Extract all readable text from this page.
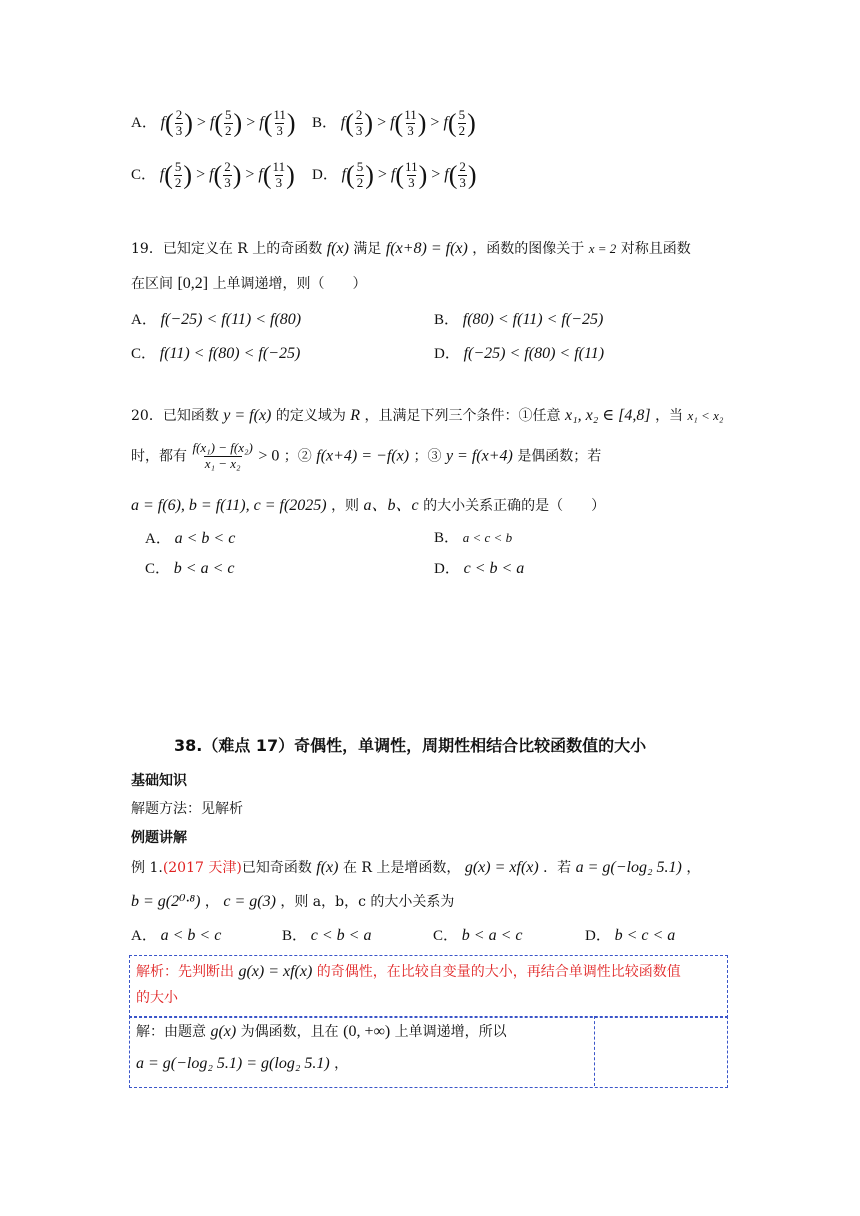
A． $f( \frac{2}{3}$ ) > $f( \frac{5}{2}$ ) > $f( \frac{11}{3}$ ) B． $f( \frac{2}{3}$ ) > $f( \frac{11}{3}$ ) > $f( \frac{5}{2}$ )
C． $f( \frac{5}{2}$ ) > $f( \frac{2}{3}$ ) > $f( \frac{11}{3}$ ) D． $f( \frac{5}{2}$ ) > $f( \frac{11}{3}$ ) > $f( \frac{2}{3}$ )
19．已知定义在 R 上的奇函数 f(x) 满足 f(x+8) = f(x) ，函数的图像关于 x = 2 对称且函数
在区间 [0,2] 上单调递增，则（　　）
A． f(−25) < f(11) < f(80)	B． f(80) < f(11) < f(−25)
C． f(11) < f(80) < f(−25)	D． f(−25) < f(80) < f(11)
20．已知函数 y = f(x) 的定义域为 R ，且满足下列三个条件：①任意 x₁, x₂ ∈ [4,8] ，当 x₁ < x₂
时，都有 $\frac{\text{f(x₁) − f(x₂)}}{\text{x₁ − x₂}} > 0$ ；② f(x+4) = −f(x) ；③ y = f(x+4) 是偶函数；若
a = f(6), b = f(11), c = f(2025) ，则 a、b、c 的大小关系正确的是（　　）
A． a < b < c	B． a < c < b
C． b < a < c	D． c < b < a
38.（难点 17）奇偶性，单调性，周期性相结合比较函数值的大小
基础知识
解题方法：见解析
例题讲解
例 1.(2017 天津)已知奇函数 f(x) 在 R 上是增函数， g(x) = xf(x) ．若 a = g(−log₂ 5.1) ，
b = g(2⁰·⁸) ， c = g(3) ，则 a，b，c 的大小关系为
A． a < b < c	B． c < b < a	C． b < a < c	D． b < c < a
解析：先判断出 g(x) = xf(x) 的奇偶性，在比较自变量的大小，再结合单调性比较函数值
的大小
解：由题意 g(x) 为偶函数，且在 (0, +∞) 上单调递增，所以
a = g(−log₂ 5.1) = g(log₂ 5.1) ，
